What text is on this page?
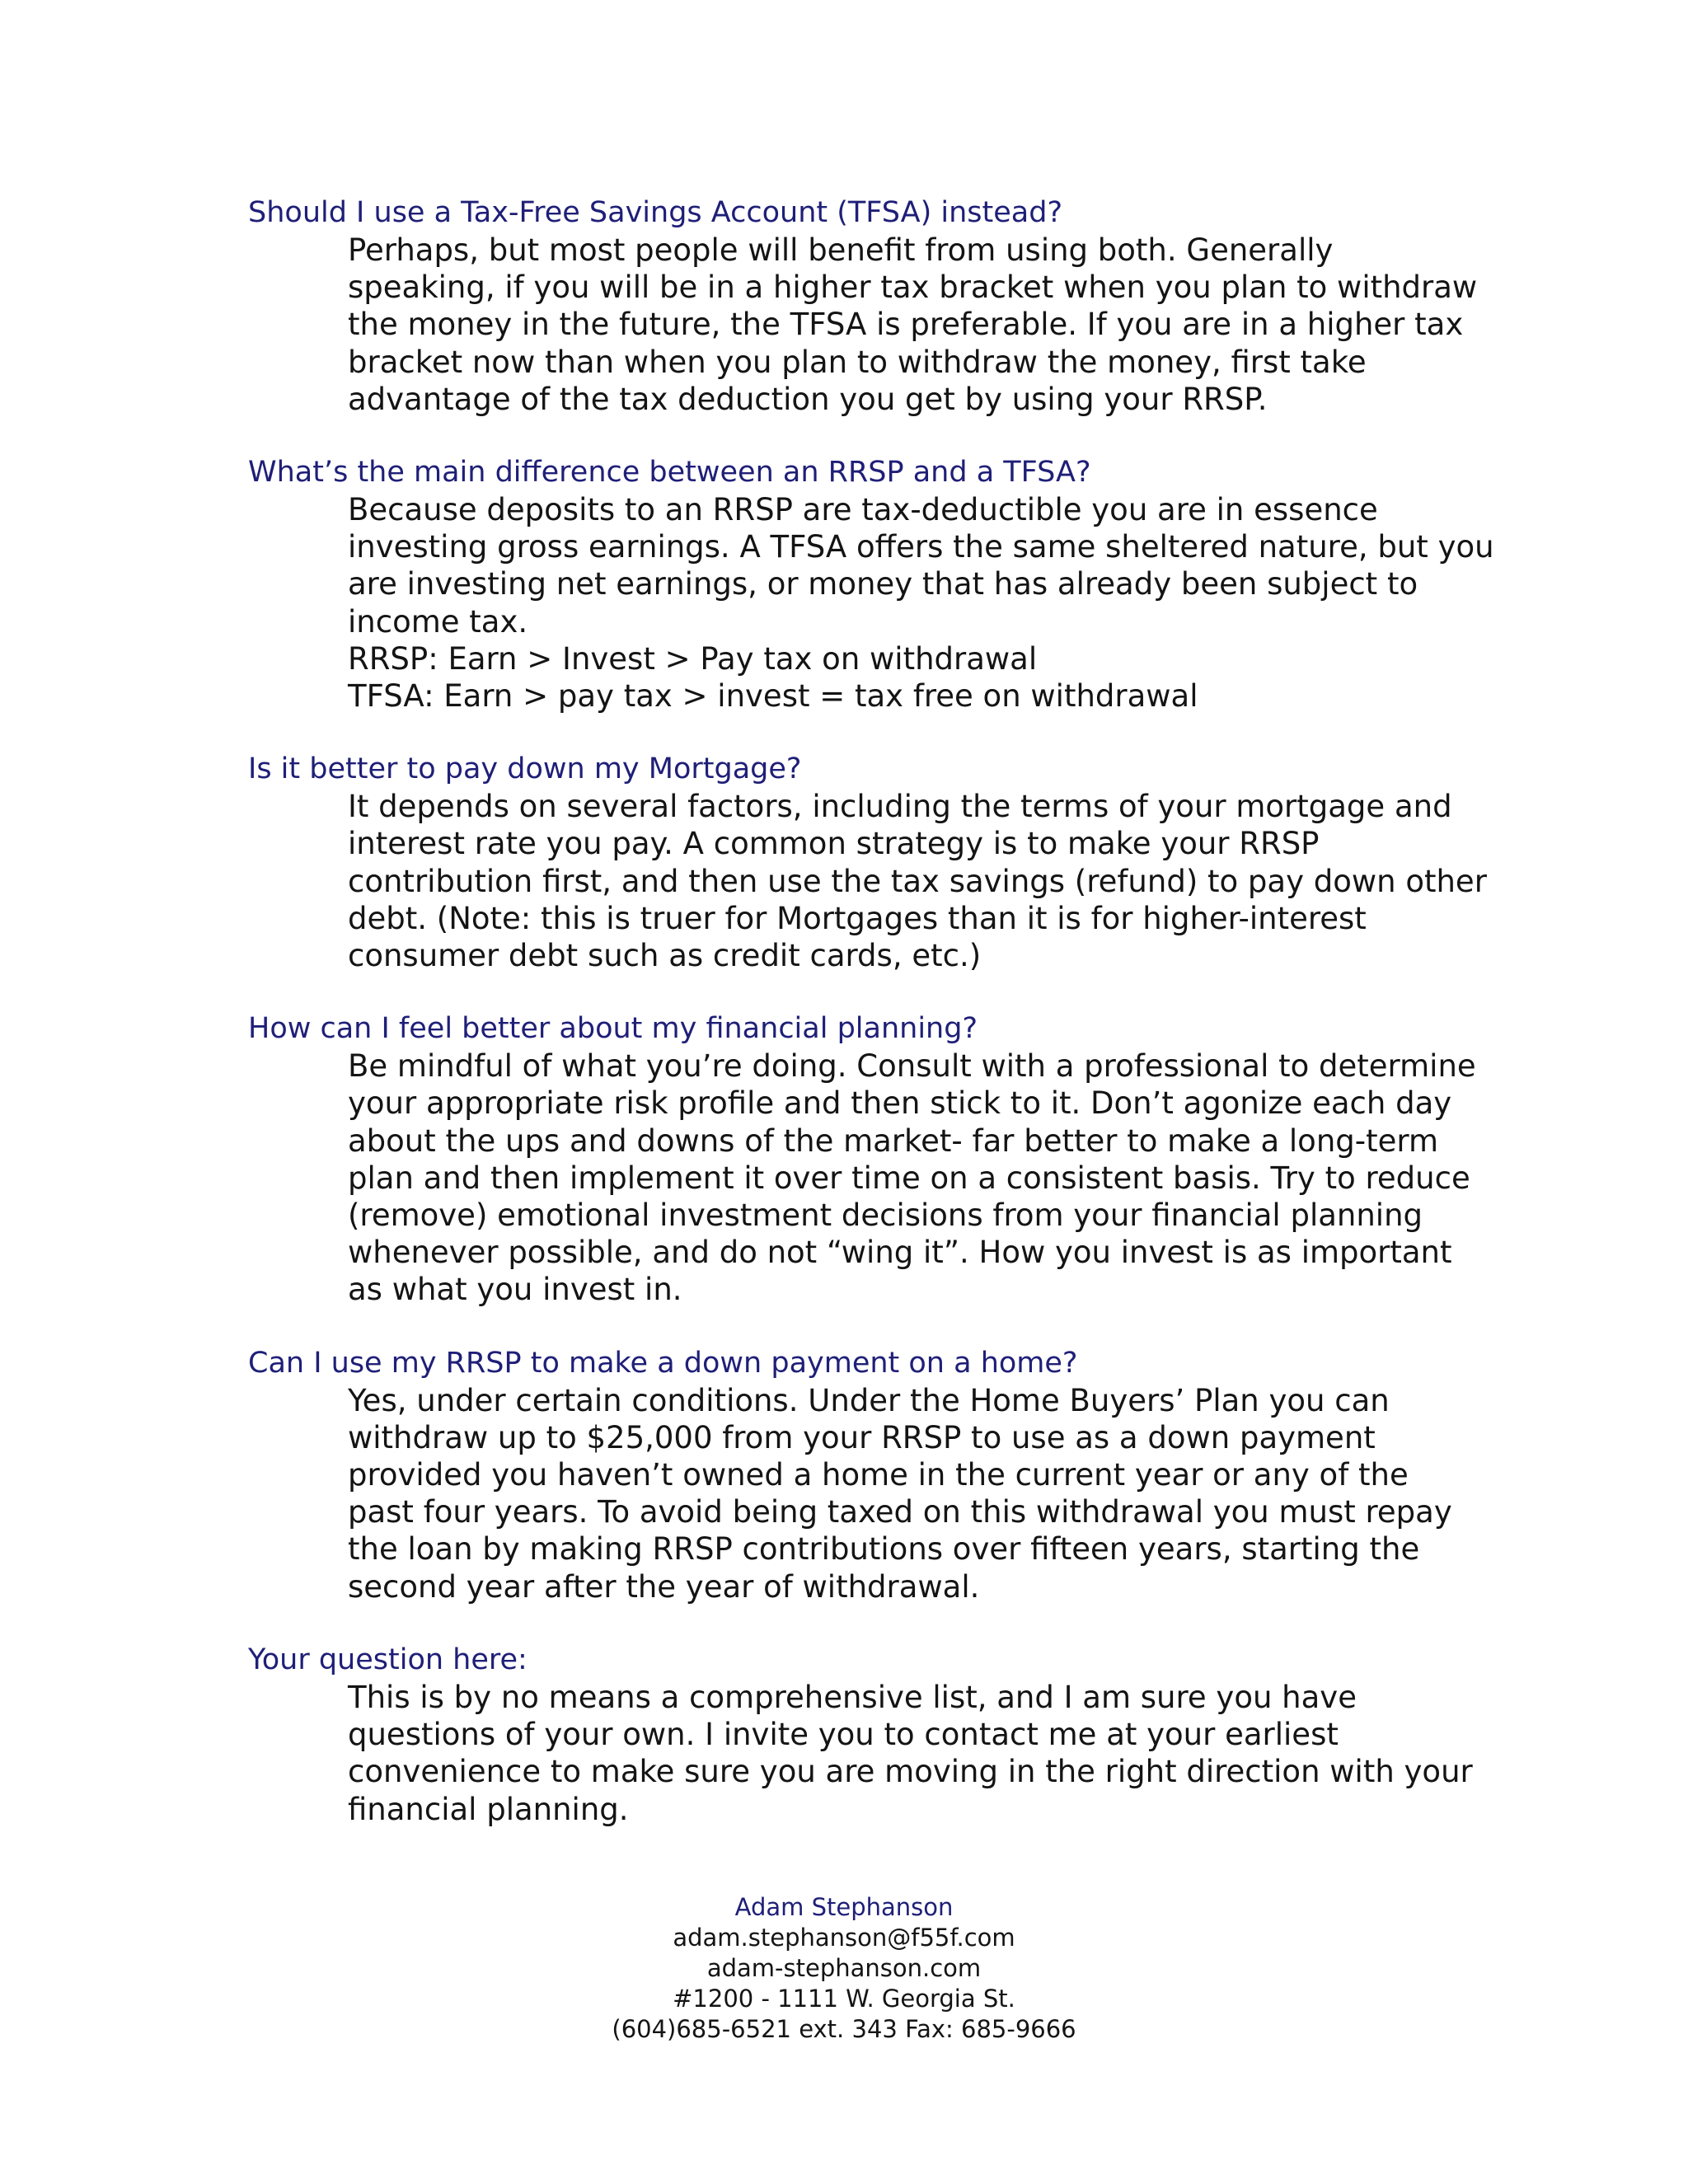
Should I use a Tax-Free Savings Account (TFSA) instead?
Perhaps, but most people will benefit from using both. Generally
speaking, if you will be in a higher tax bracket when you plan to withdraw
the money in the future, the TFSA is preferable. If you are in a higher tax
bracket now than when you plan to withdraw the money, first take
advantage of the tax deduction you get by using your RRSP.
What’s the main difference between an RRSP and a TFSA?
Because deposits to an RRSP are tax-deductible you are in essence
investing gross earnings. A TFSA offers the same sheltered nature, but you
are investing net earnings, or money that has already been subject to
income tax.
RRSP: Earn > Invest > Pay tax on withdrawal
TFSA: Earn > pay tax > invest = tax free on withdrawal
Is it better to pay down my Mortgage?
It depends on several factors, including the terms of your mortgage and
interest rate you pay. A common strategy is to make your RRSP
contribution first, and then use the tax savings (refund) to pay down other
debt. (Note: this is truer for Mortgages than it is for higher-interest
consumer debt such as credit cards, etc.)
How can I feel better about my financial planning?
Be mindful of what you’re doing. Consult with a professional to determine
your appropriate risk profile and then stick to it. Don’t agonize each day
about the ups and downs of the market- far better to make a long-term
plan and then implement it over time on a consistent basis. Try to reduce
(remove) emotional investment decisions from your financial planning
whenever possible, and do not “wing it”. How you invest is as important
as what you invest in.
Can I use my RRSP to make a down payment on a home?
Yes, under certain conditions. Under the Home Buyers’ Plan you can
withdraw up to $25,000 from your RRSP to use as a down payment
provided you haven’t owned a home in the current year or any of the
past four years. To avoid being taxed on this withdrawal you must repay
the loan by making RRSP contributions over fifteen years, starting the
second year after the year of withdrawal.
Your question here:
This is by no means a comprehensive list, and I am sure you have
questions of your own. I invite you to contact me at your earliest
convenience to make sure you are moving in the right direction with your
financial planning.
Adam Stephanson
adam.stephanson@f55f.com
adam-stephanson.com
#1200 - 1111 W. Georgia St.
(604)685-6521 ext. 343 Fax: 685-9666
